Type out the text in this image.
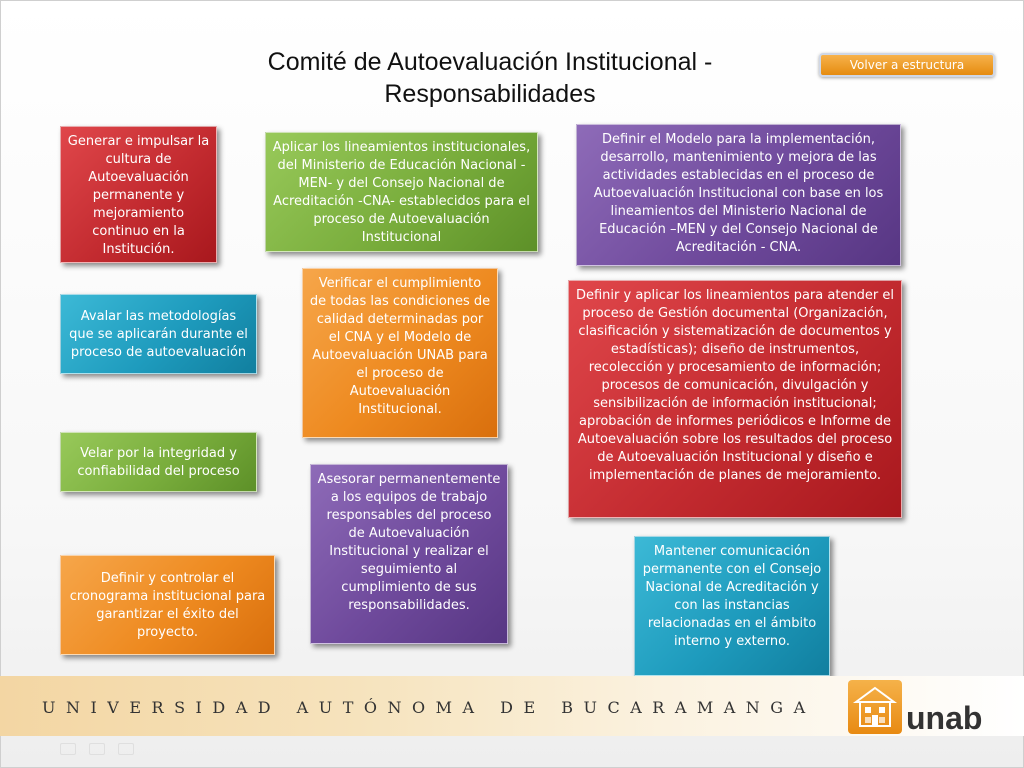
Comité de Autoevaluación Institucional -
Responsabilidades
Volver a estructura
Generar e impulsar la cultura de Autoevaluación permanente y mejoramiento continuo en la Institución.
Avalar las metodologías que se aplicarán durante el proceso de autoevaluación
Velar por la integridad y confiabilidad del proceso
Definir y controlar el cronograma institucional para garantizar el éxito del proyecto.
Aplicar los lineamientos institucionales, del Ministerio de Educación Nacional -MEN- y del Consejo Nacional de Acreditación -CNA- establecidos para el proceso de Autoevaluación Institucional
Verificar el cumplimiento de todas las condiciones de calidad determinadas por el CNA y el Modelo de Autoevaluación UNAB para el proceso de Autoevaluación Institucional.
Asesorar permanentemente a los equipos de trabajo responsables del proceso de Autoevaluación Institucional y realizar el seguimiento al cumplimiento de sus responsabilidades.
Definir el Modelo para la implementación, desarrollo, mantenimiento y mejora de las actividades establecidas en el proceso de Autoevaluación Institucional con base en los lineamientos del Ministerio Nacional de Educación –MEN y del Consejo Nacional de Acreditación - CNA.
Definir y aplicar los lineamientos para atender el proceso de Gestión documental (Organización, clasificación y sistematización de documentos y estadísticas); diseño de instrumentos, recolección y procesamiento de información; procesos de comunicación, divulgación y sensibilización de información institucional; aprobación de informes periódicos e Informe de Autoevaluación sobre los resultados del proceso de Autoevaluación Institucional y diseño e implementación de planes de mejoramiento.
Mantener comunicación permanente con el Consejo Nacional de Acreditación y con las instancias relacionadas en el ámbito interno y externo.
UNIVERSIDAD AUTÓNOMA DE BUCARAMANGA	unab
